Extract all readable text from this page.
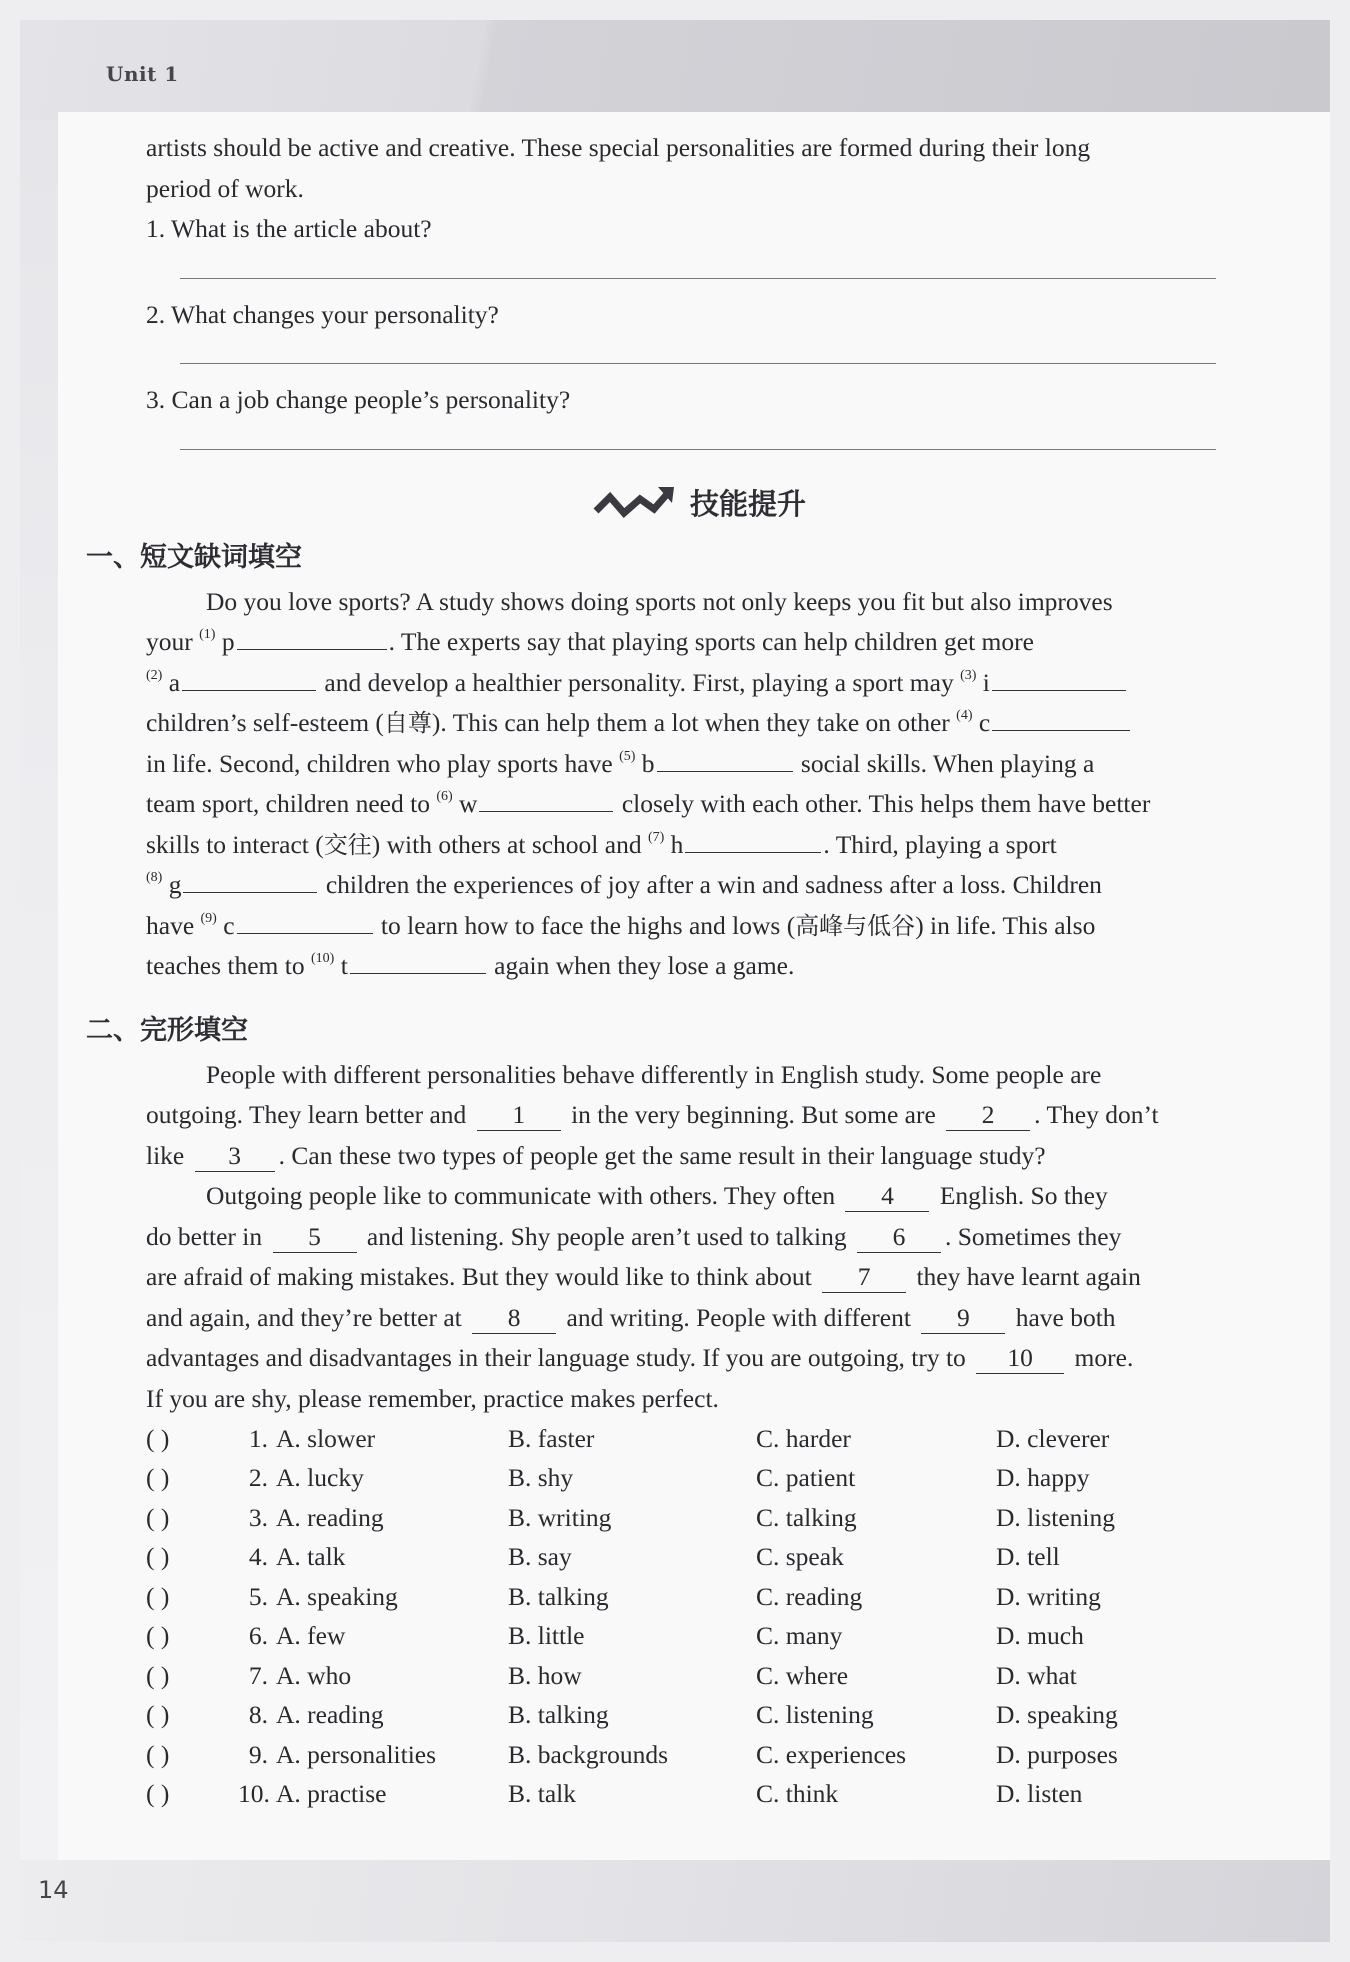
Unit 1
14
artists should be active and creative. These special personalities are formed during their long
period of work.
1. What is the article about?
2. What changes your personality?
3. Can a job change people’s personality?
技能提升
一、短文缺词填空
Do you love sports? A study shows doing sports not only keeps you fit but also improves
your $^{(1)}$ p	. The experts say that playing sports can help children get more
$^{(2)}$ a	and develop a healthier personality. First, playing a sport may $^{(3)}$ i
children’s self-esteem (自尊). This can help them a lot when they take on other $^{(4)}$ c
in life. Second, children who play sports have $^{(5)}$ b	social skills. When playing a
team sport, children need to $^{(6)}$ w	closely with each other. This helps them have better
skills to interact (交往) with others at school and $^{(7)}$ h	. Third, playing a sport
$^{(8)}$ g	children the experiences of joy after a win and sadness after a loss. Children
have $^{(9)}$ c	to learn how to face the highs and lows (高峰与低谷) in life. This also
teaches them to $^{(10)}$ t	again when they lose a game.
二、完形填空
People with different personalities behave differently in English study. Some people are
outgoing. They learn better and 1 in the very beginning. But some are 2 . They don’t
like 3 . Can these two types of people get the same result in their language study?
Outgoing people like to communicate with others. They often 4 English. So they
do better in 5 and listening. Shy people aren’t used to talking 6 . Sometimes they
are afraid of making mistakes. But they would like to think about 7 they have learnt again
and again, and they’re better at 8 and writing. People with different 9 have both
advantages and disadvantages in their language study. If you are outgoing, try to 10 more.
If you are shy, please remember, practice makes perfect.
( )	1. A. slower	B. faster	C. harder	D. cleverer
( )	2. A. lucky	B. shy	C. patient	D. happy
( )	3. A. reading	B. writing	C. talking	D. listening
( )	4. A. talk	B. say	C. speak	D. tell
( )	5. A. speaking	B. talking	C. reading	D. writing
( )	6. A. few	B. little	C. many	D. much
( )	7. A. who	B. how	C. where	D. what
( )	8. A. reading	B. talking	C. listening	D. speaking
( )	9. A. personalities	B. backgrounds	C. experiences	D. purposes
( )	10. A. practise	B. talk	C. think	D. listen
